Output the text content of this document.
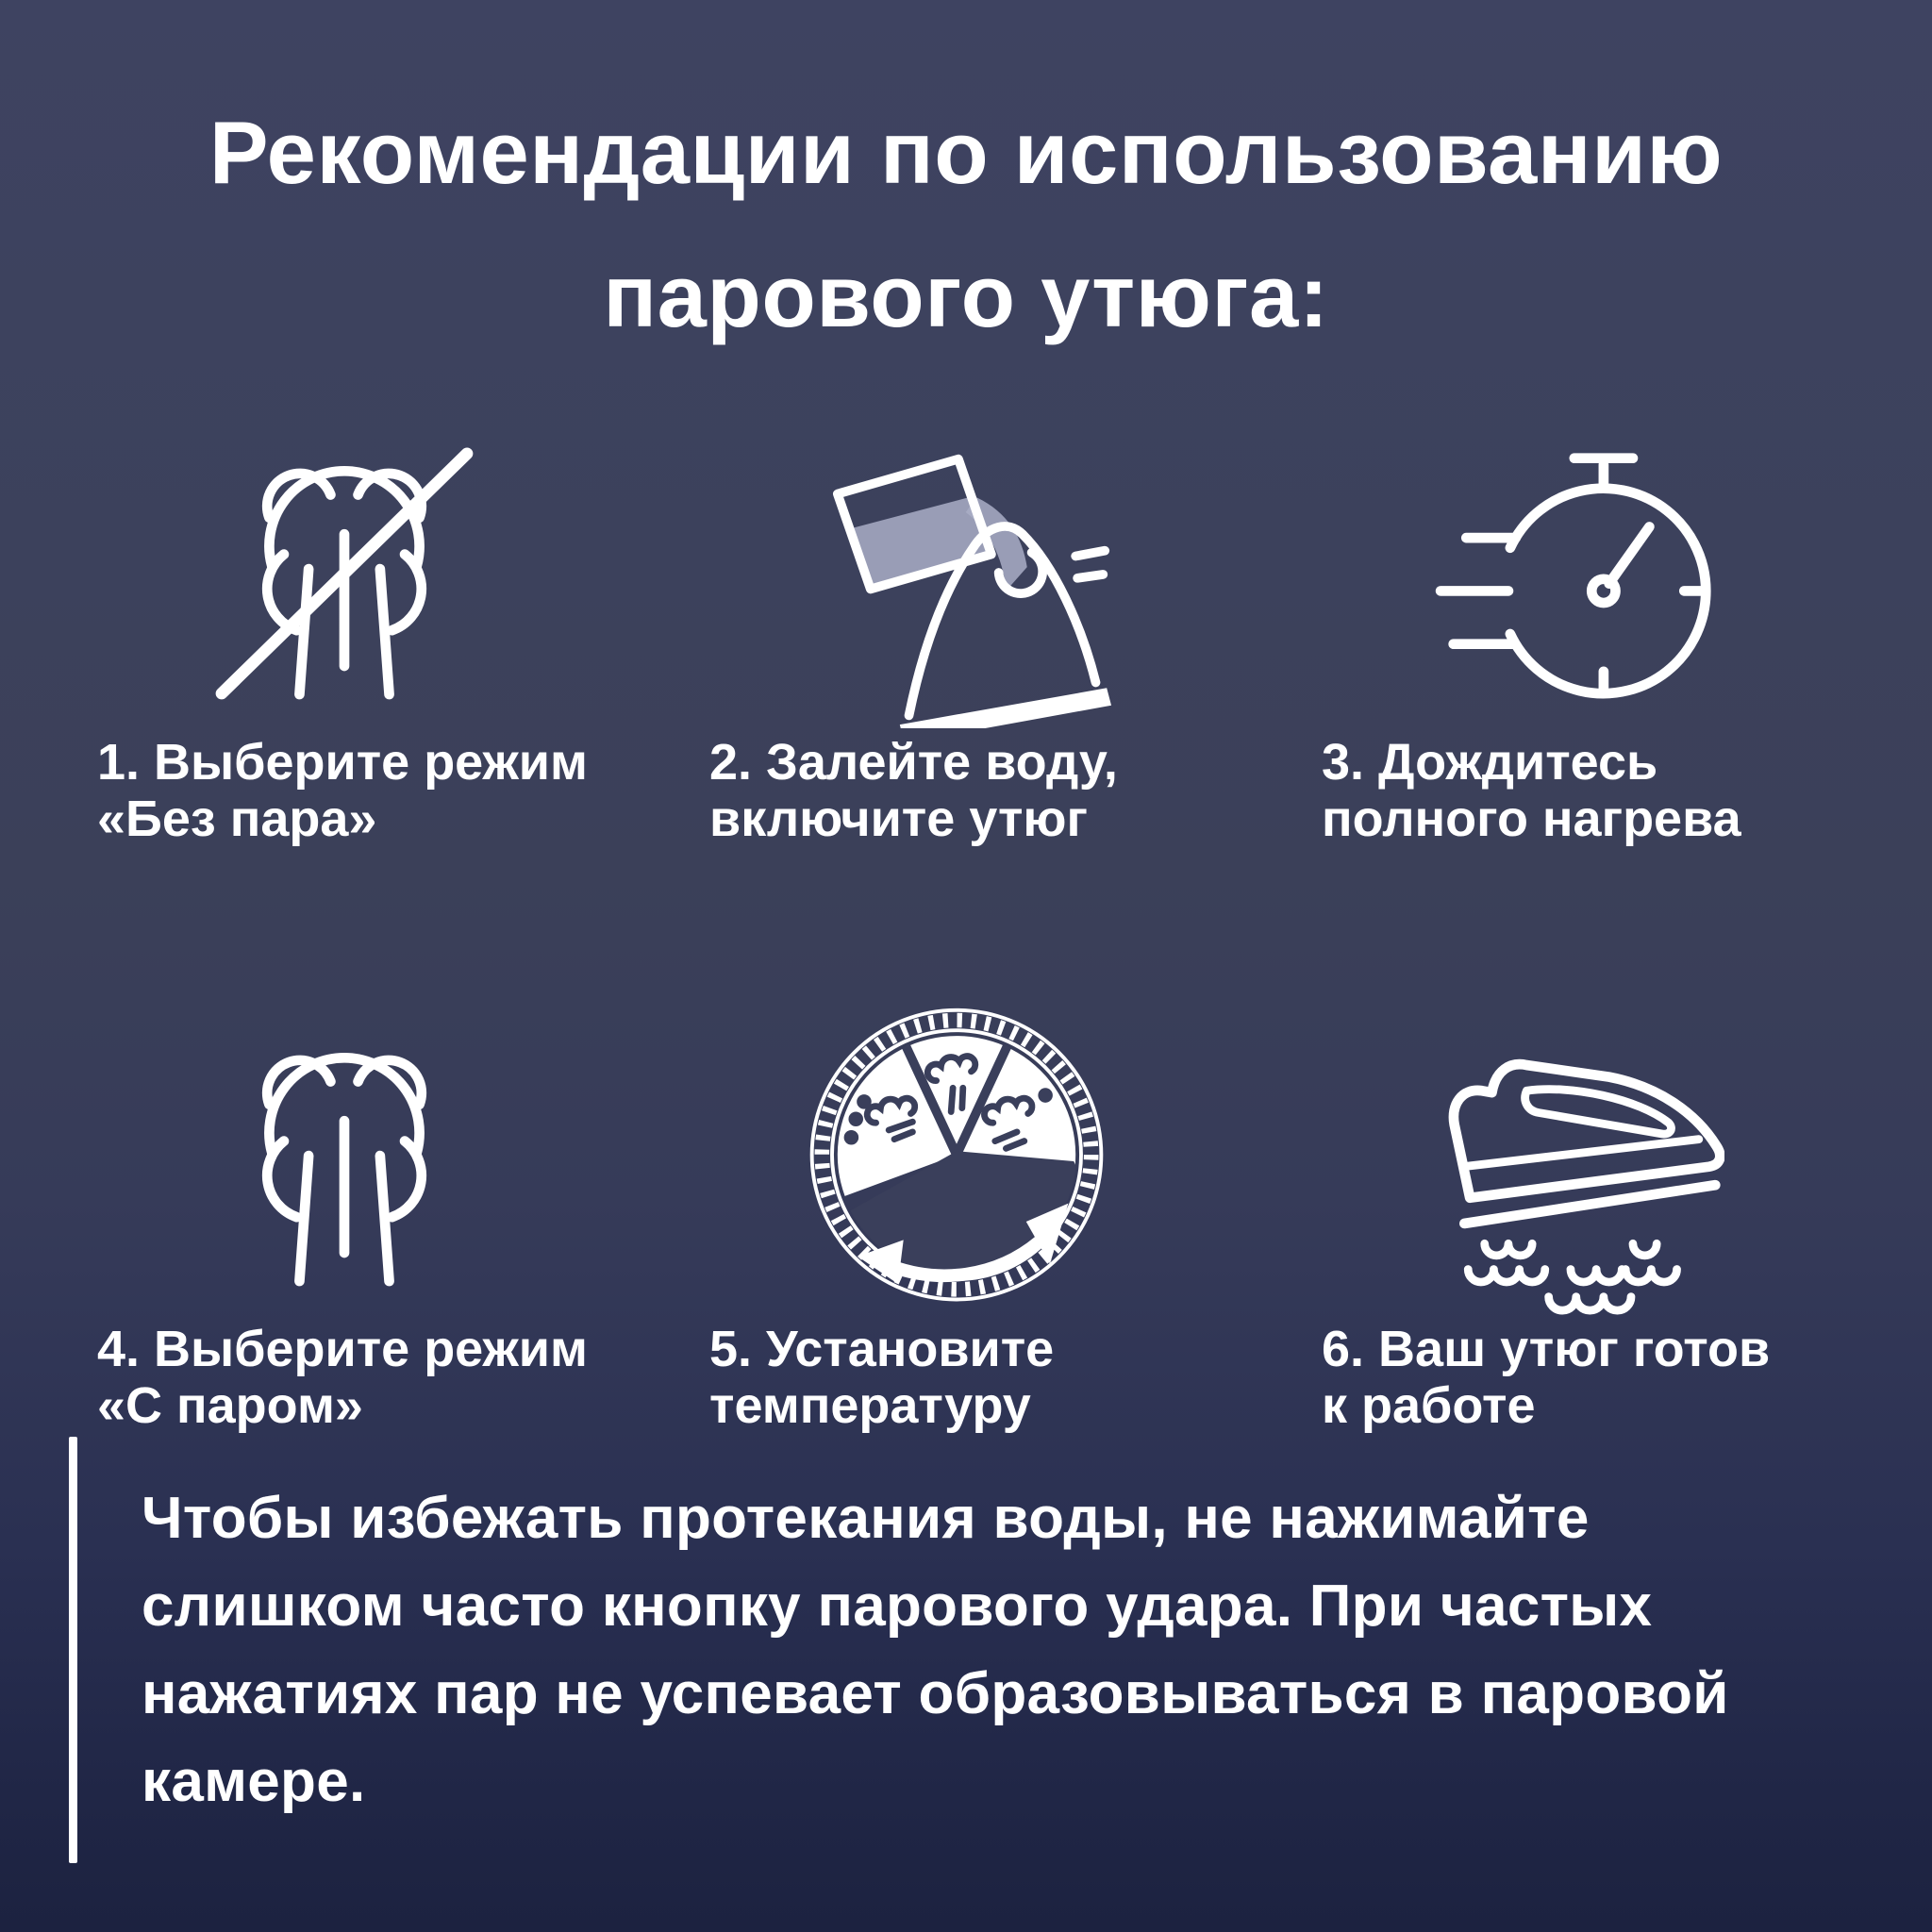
Рекомендации по использованию
парового утюга:
1. Выберите режим
«Без пара»
2. Залейте воду,
включите утюг
3. Дождитесь
полного нагрева
4. Выберите режим
«С паром»
5. Установите
температуру
6. Ваш утюг готов
к работе
Чтобы избежать протекания воды, не нажимайте
слишком часто кнопку парового удара. При частых
нажатиях пар не успевает образовываться в паровой
камере.
